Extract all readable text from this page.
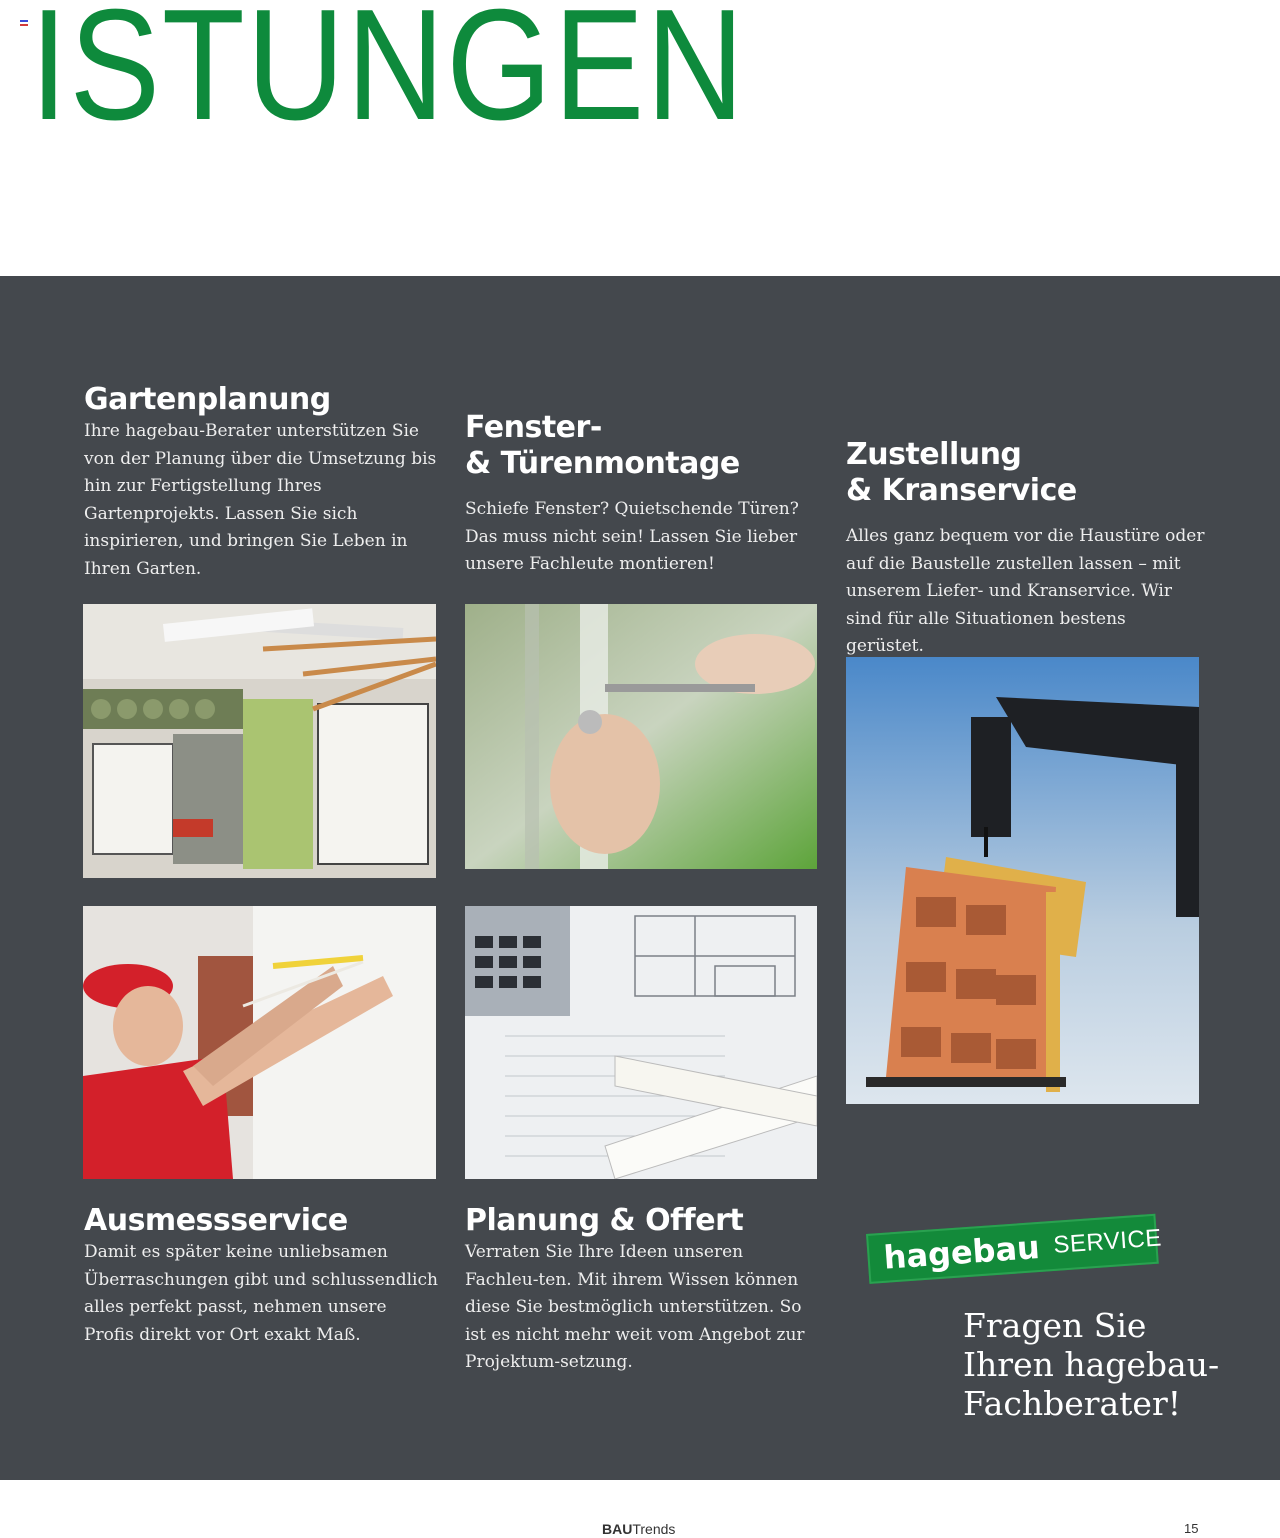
ISTUNGEN
Gartenplanung

Ihre hagebau-Berater unterstützen Sie von der Planung über die Umsetzung bis hin zur Fertigstellung Ihres Gartenprojekts. Lassen Sie sich inspirieren, und bringen Sie Leben in Ihren Garten.

Fenster-
& Türenmontage

Schiefe Fenster? Quietschende Türen? Das muss nicht sein! Lassen Sie lieber unsere Fachleute montieren!

Zustellung
& Kranservice

Alles ganz bequem vor die Haustüre oder auf die Baustelle zustellen lassen – mit unserem Liefer- und Kranservice. Wir sind für alle Situationen bestens gerüstet.

Ausmessservice

Damit es später keine unliebsamen Überraschungen gibt und schlussendlich alles perfekt passt, nehmen unsere Profis direkt vor Ort exakt Maß.

Planung & Offert

Verraten Sie Ihre Ideen unseren Fachleu-ten. Mit ihrem Wissen können diese Sie bestmöglich unterstützen. So ist es nicht mehr weit vom Angebot zur Projektum-setzung.

hagebau SERVICE

Fragen Sie
Ihren hagebau-
Fachberater!

BAUTrends	15
